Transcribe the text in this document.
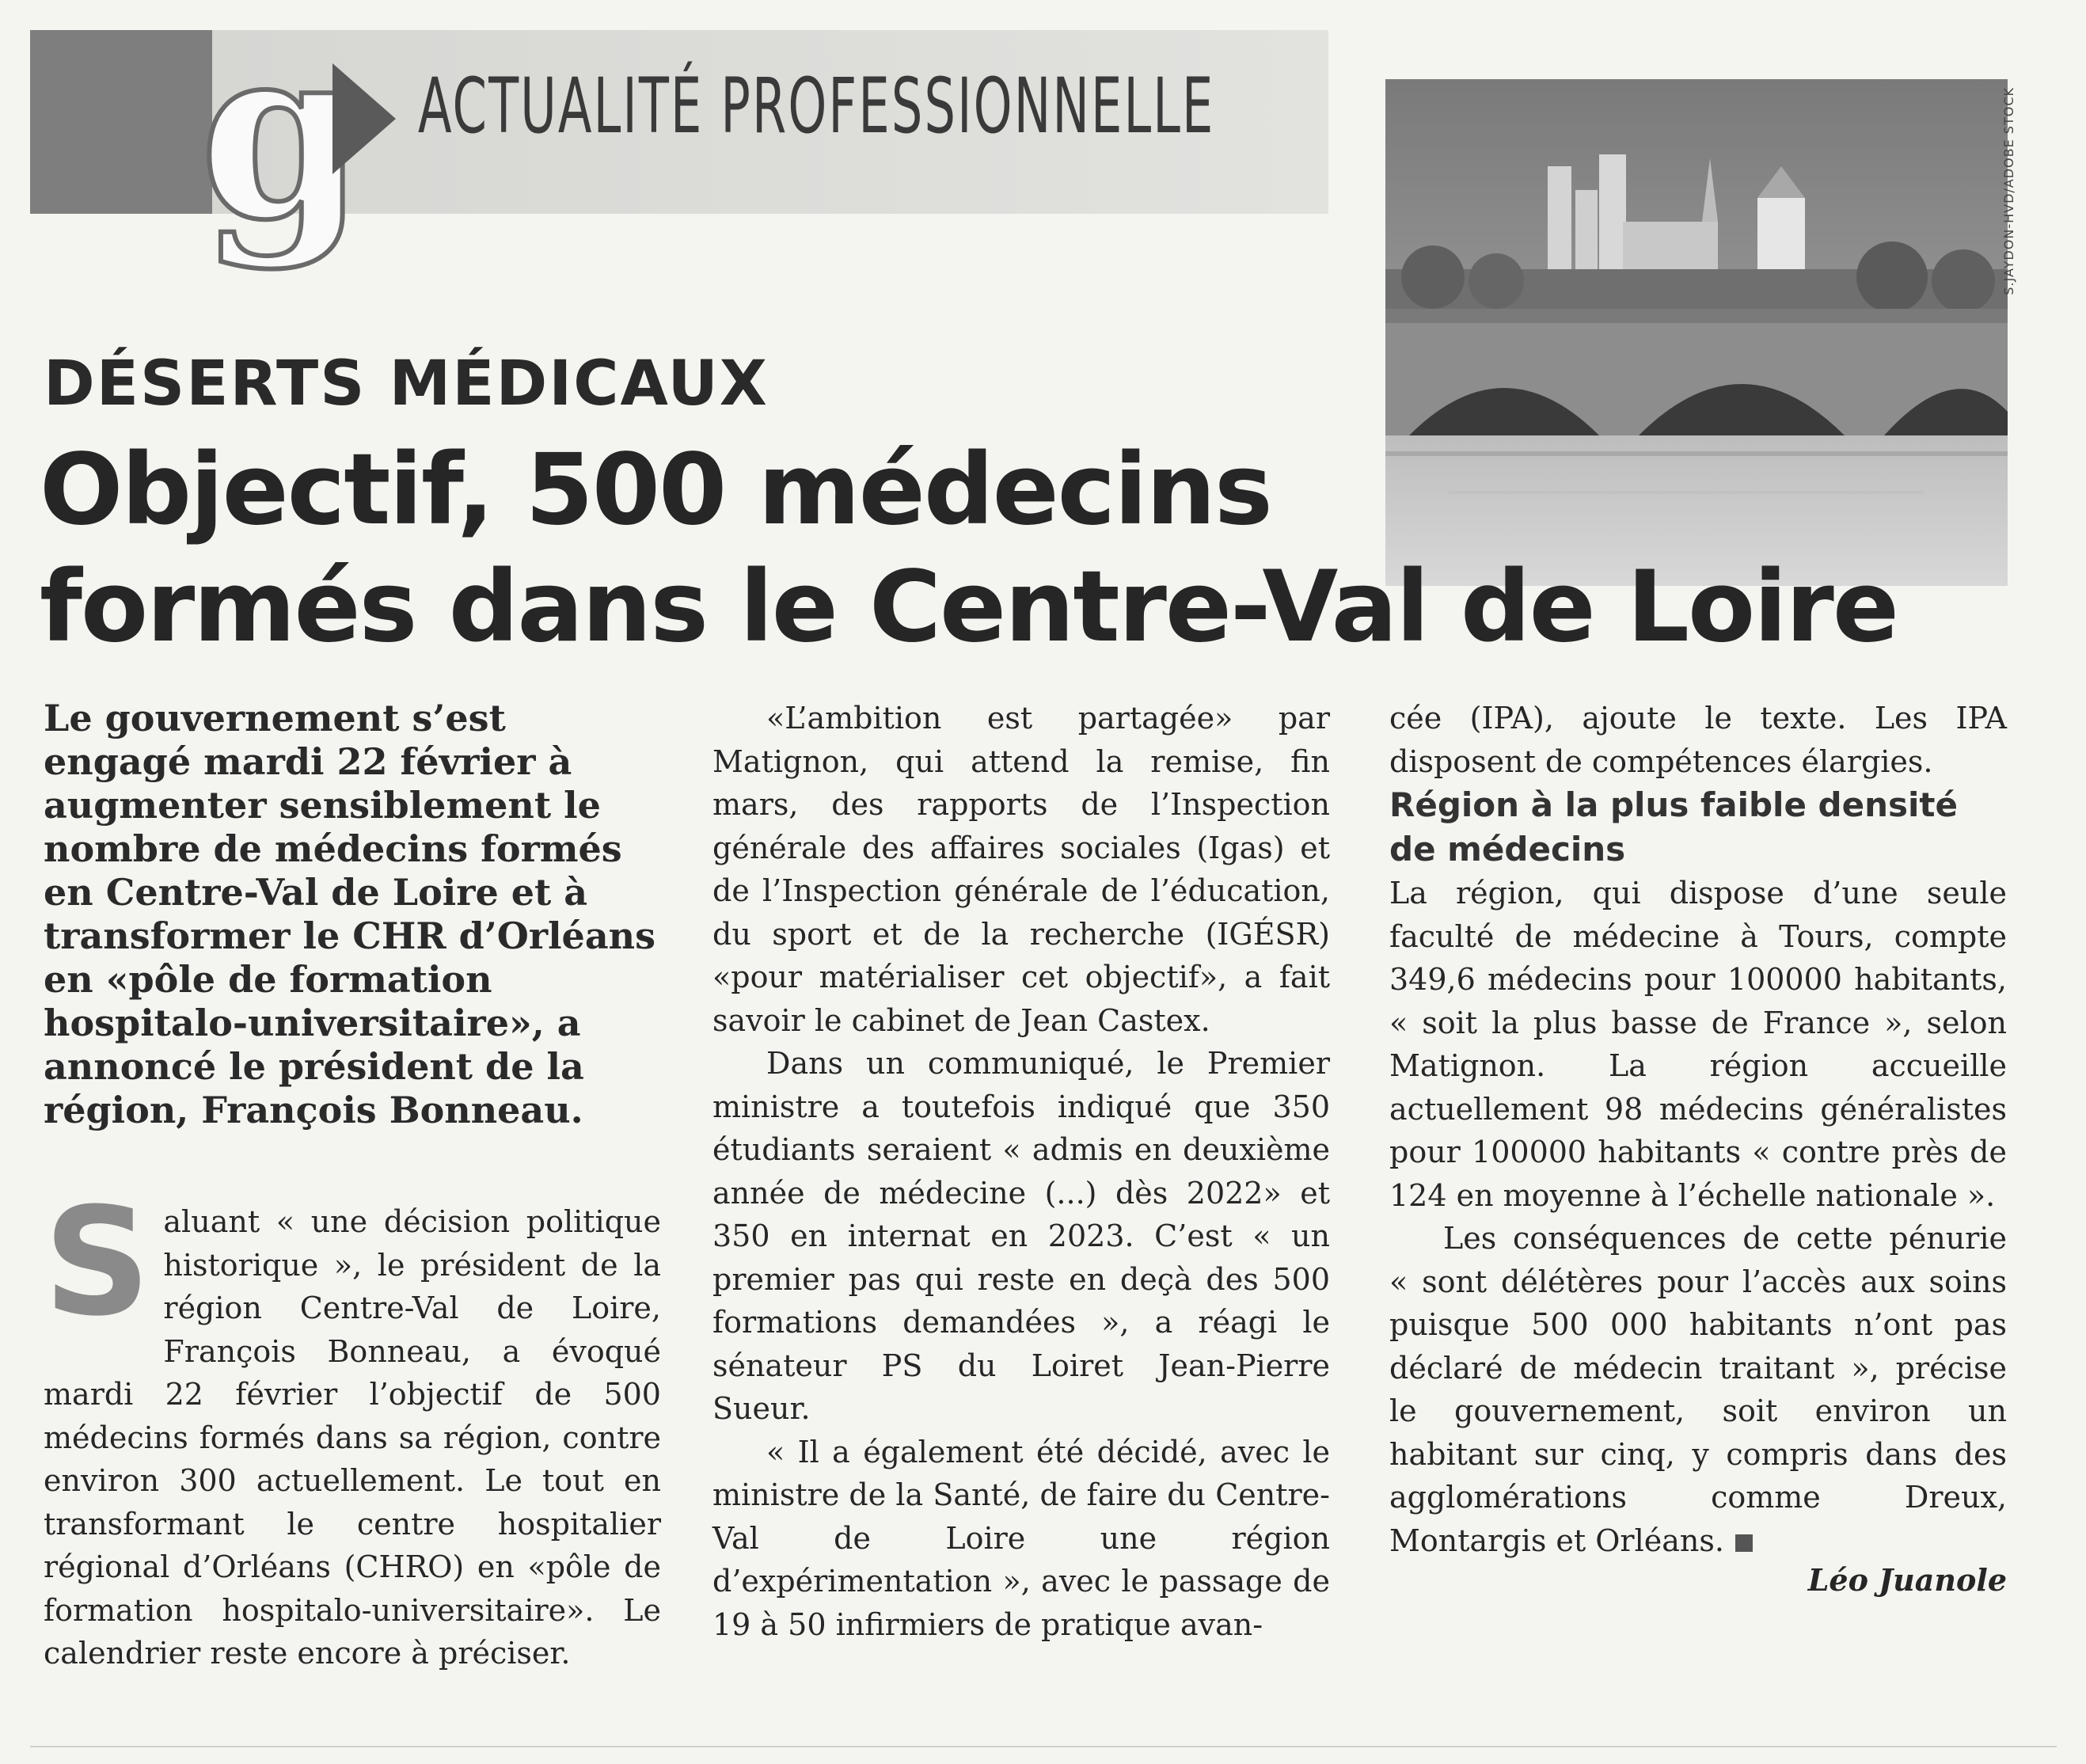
g ACTUALITÉ PROFESSIONNELLE	S.JAYDON-HVD/ADOBE STOCK
DÉSERTS MÉDICAUX
Objectif, 500 médecins
formés dans le Centre-Val de Loire

Le gouvernement s’est engagé mardi 22 février à augmenter sensiblement le nombre de médecins formés en Centre-Val de Loire et à transformer le CHR d’Orléans en «pôle de formation hospitalo-universitaire», a annoncé le président de la région, François Bonneau.

S aluant « une décision politique historique », le président de la région Centre-Val de Loire, François Bonneau, a évoqué mardi 22 février l’objectif de 500 médecins formés dans sa région, contre environ 300 actuellement. Le tout en transformant le centre hospitalier régional d’Orléans (CHRO) en «pôle de formation hospitalo-universitaire». Le calendrier reste encore à préciser.

«L’ambition est partagée» par Matignon, qui attend la remise, fin mars, des rapports de l’Inspection générale des affaires sociales (Igas) et de l’Inspection générale de l’éducation, du sport et de la recherche (IGÉSR) «pour matérialiser cet objectif», a fait savoir le cabinet de Jean Castex.

Dans un communiqué, le Premier ministre a toutefois indiqué que 350 étudiants seraient « admis en deuxième année de médecine (...) dès 2022» et 350 en internat en 2023. C’est « un premier pas qui reste en deçà des 500 formations demandées », a réagi le sénateur PS du Loiret Jean-Pierre Sueur.

« Il a également été décidé, avec le ministre de la Santé, de faire du Centre-Val de Loire une région d’expérimentation », avec le passage de 19 à 50 infirmiers de pratique avan-

cée (IPA), ajoute le texte. Les IPA disposent de compétences élargies.

Région à la plus faible densité de médecins

La région, qui dispose d’une seule faculté de médecine à Tours, compte 349,6 médecins pour 100000 habitants, « soit la plus basse de France », selon Matignon. La région accueille actuellement 98 médecins généralistes pour 100000 habitants « contre près de 124 en moyenne à l’échelle nationale ».

Les conséquences de cette pénurie « sont délétères pour l’accès aux soins puisque 500 000 habitants n’ont pas déclaré de médecin traitant », précise le gouvernement, soit environ un habitant sur cinq, y compris dans des agglomérations comme Dreux, Montargis et Orléans.

Léo Juanole
